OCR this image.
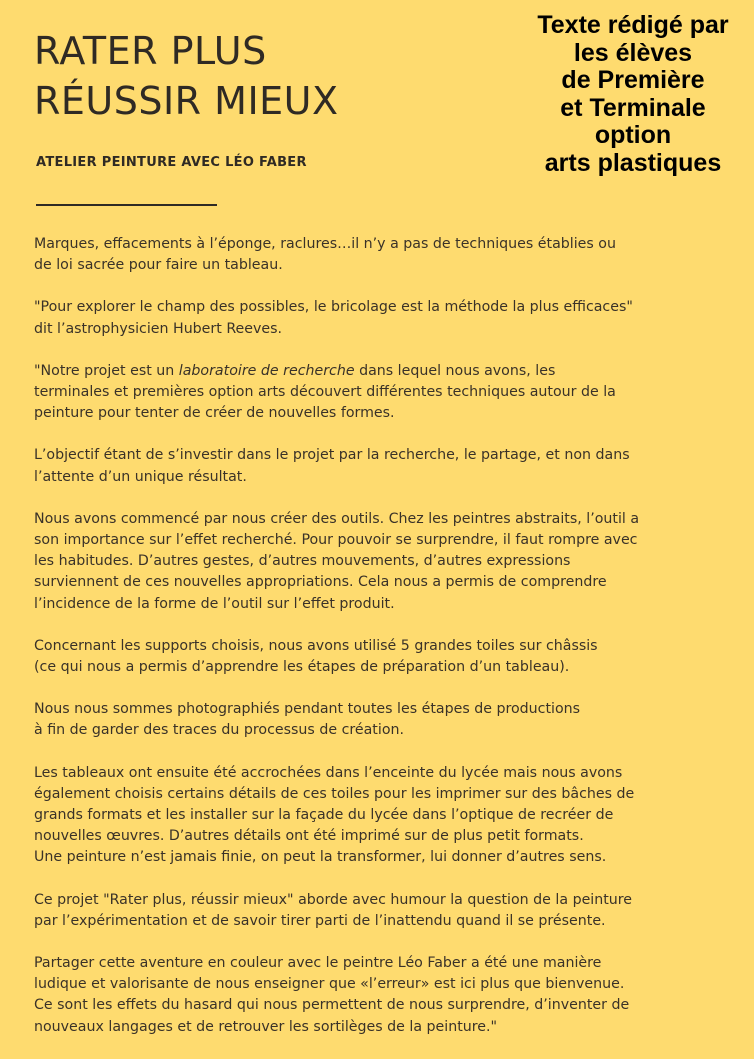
RATER PLUS
RÉUSSIR MIEUX
Texte rédigé par
les élèves
de Première
et Terminale
option
arts plastiques
ATELIER PEINTURE AVEC LÉO FABER

Marques, effacements à l’éponge, raclures…il n’y a pas de techniques établies ou
de loi sacrée pour faire un tableau.

"Pour explorer le champ des possibles, le bricolage est la méthode la plus efficaces"
dit l’astrophysicien Hubert Reeves.

"Notre projet est un laboratoire de recherche dans lequel nous avons, les
terminales et premières option arts découvert différentes techniques autour de la
peinture pour tenter de créer de nouvelles formes.

L’objectif étant de s’investir dans le projet par la recherche, le partage, et non dans
l’attente d’un unique résultat.

Nous avons commencé par nous créer des outils. Chez les peintres abstraits, l’outil a
son importance sur l’effet recherché. Pour pouvoir se surprendre, il faut rompre avec
les habitudes. D’autres gestes, d’autres mouvements, d’autres expressions
surviennent de ces nouvelles appropriations. Cela nous a permis de comprendre
l’incidence de la forme de l’outil sur l’effet produit.

Concernant les supports choisis, nous avons utilisé 5 grandes toiles sur châssis
(ce qui nous a permis d’apprendre les étapes de préparation d’un tableau).

Nous nous sommes photographiés pendant toutes les étapes de productions
à fin de garder des traces du processus de création.

Les tableaux ont ensuite été accrochées dans l’enceinte du lycée mais nous avons
également choisis certains détails de ces toiles pour les imprimer sur des bâches de
grands formats et les installer sur la façade du lycée dans l’optique de recréer de
nouvelles œuvres. D’autres détails ont été imprimé sur de plus petit formats.
Une peinture n’est jamais finie, on peut la transformer, lui donner d’autres sens.

Ce projet "Rater plus, réussir mieux" aborde avec humour la question de la peinture
par l’expérimentation et de savoir tirer parti de l’inattendu quand il se présente.

Partager cette aventure en couleur avec le peintre Léo Faber a été une manière
ludique et valorisante de nous enseigner que «l’erreur» est ici plus que bienvenue.
Ce sont les effets du hasard qui nous permettent de nous surprendre, d’inventer de
nouveaux langages et de retrouver les sortilèges de la peinture."
